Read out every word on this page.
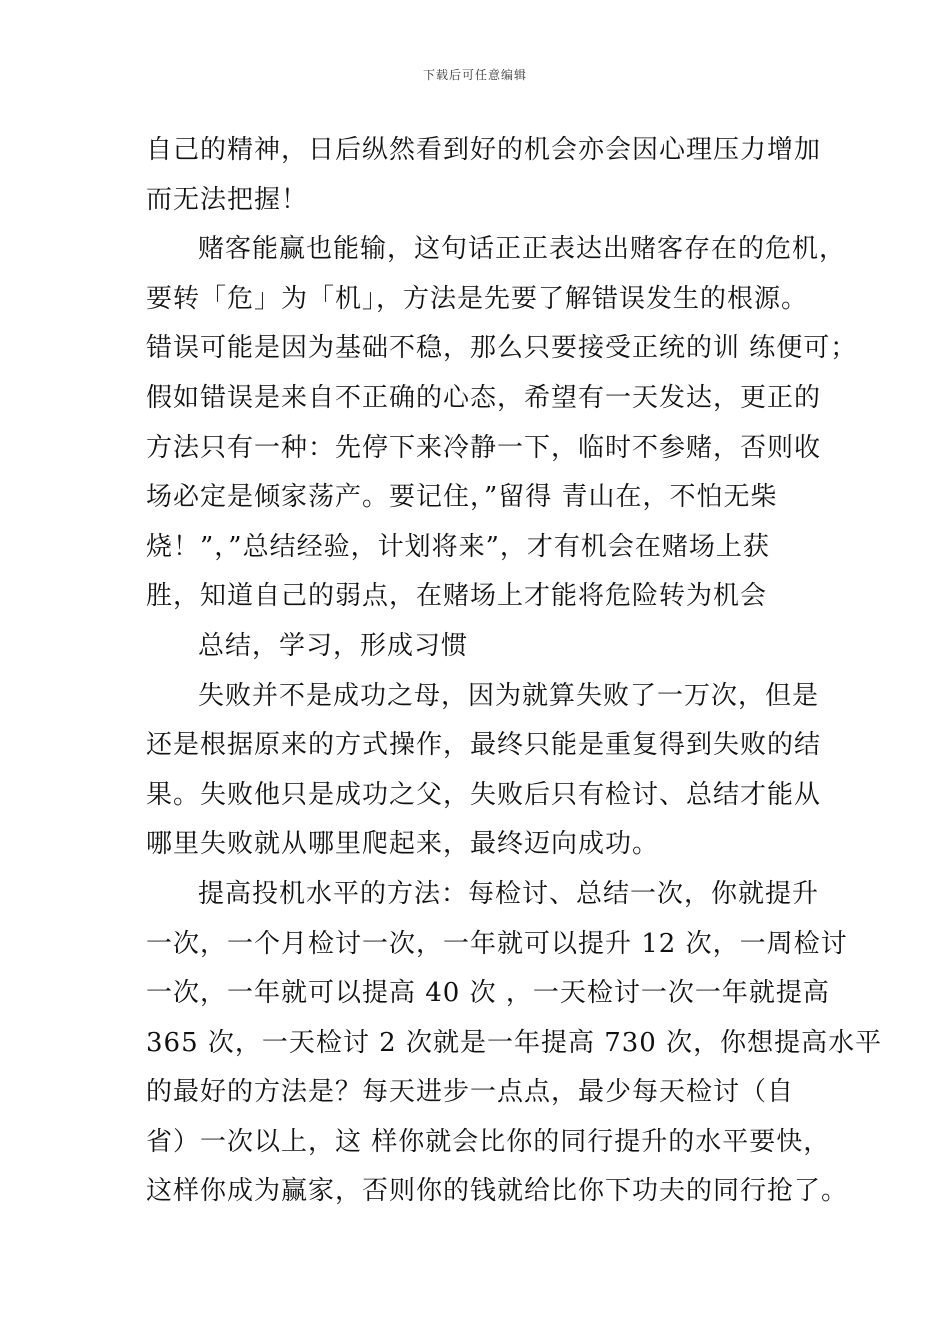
下载后可任意编辑
自己的精神，日后纵然看到好的机会亦会因心理压力增加
而无法把握！
赌客能赢也能输，这句话正正表达出赌客存在的危机，
要转「危」为「机」，方法是先要了解错误发生的根源。
错误可能是因为基础不稳，那么只要接受正统的训 练便可；
假如错误是来自不正确的心态，希望有一天发达，更正的
方法只有一种：先停下来冷静一下，临时不参赌，否则收
场必定是倾家荡产。要记住，”留得 青山在，不怕无柴
烧！”，”总结经验，计划将来”，才有机会在赌场上获
胜，知道自己的弱点，在赌场上才能将危险转为机会
总结，学习，形成习惯
失败并不是成功之母，因为就算失败了一万次，但是
还是根据原来的方式操作，最终只能是重复得到失败的结
果。失败他只是成功之父，失败后只有检讨、总结才能从
哪里失败就从哪里爬起来，最终迈向成功。
提高投机水平的方法：每检讨、总结一次，你就提升
一次，一个月检讨一次，一年就可以提升 12 次，一周检讨
一次，一年就可以提高 40 次 ，一天检讨一次一年就提高
365 次，一天检讨 2 次就是一年提高 730 次，你想提高水平
的最好的方法是？每天进步一点点，最少每天检讨（自
省）一次以上，这 样你就会比你的同行提升的水平要快，
这样你成为赢家，否则你的钱就给比你下功夫的同行抢了。
